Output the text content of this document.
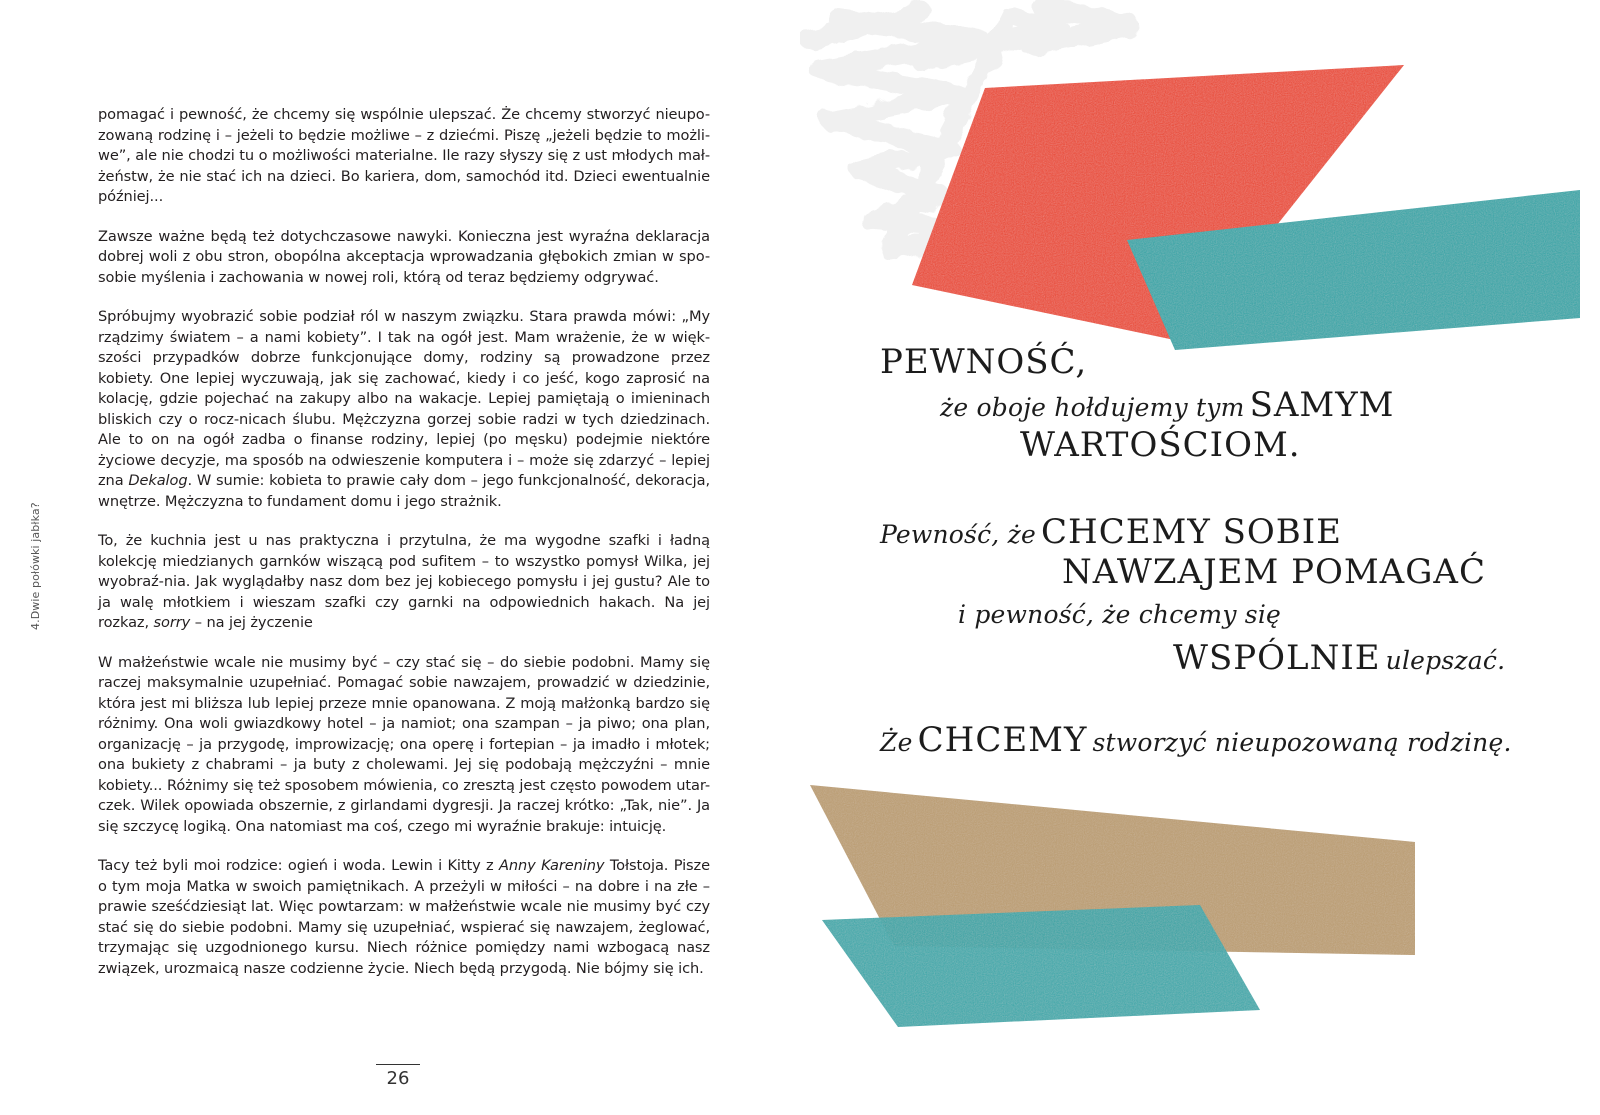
pomagać i pewność, że chcemy się wspólnie ulepszać. Że chcemy stworzyć nieupo-zowaną rodzinę i – jeżeli to będzie możliwe – z dziećmi. Piszę „jeżeli będzie to możli-we”, ale nie chodzi tu o możliwości materialne. Ile razy słyszy się z ust młodych mał-żeństw, że nie stać ich na dzieci. Bo kariera, dom, samochód itd. Dzieci ewentualnie później...

Zawsze ważne będą też dotychczasowe nawyki. Konieczna jest wyraźna deklaracja dobrej woli z obu stron, obopólna akceptacja wprowadzania głębokich zmian w spo-sobie myślenia i zachowania w nowej roli, którą od teraz będziemy odgrywać.

Spróbujmy wyobrazić sobie podział ról w naszym związku. Stara prawda mówi: „My rządzimy światem – a nami kobiety”. I tak na ogół jest. Mam wrażenie, że w więk-szości przypadków dobrze funkcjonujące domy, rodziny są prowadzone przez kobiety. One lepiej wyczuwają, jak się zachować, kiedy i co jeść, kogo zaprosić na kolację, gdzie pojechać na zakupy albo na wakacje. Lepiej pamiętają o imieninach bliskich czy o rocz-nicach ślubu. Mężczyzna gorzej sobie radzi w tych dziedzinach. Ale to on na ogół zadba o finanse rodziny, lepiej (po męsku) podejmie niektóre życiowe decyzje, ma sposób na odwieszenie komputera i – może się zdarzyć – lepiej zna Dekalog. W sumie: kobieta to prawie cały dom – jego funkcjonalność, dekoracja, wnętrze. Mężczyzna to fundament domu i jego strażnik.

To, że kuchnia jest u nas praktyczna i przytulna, że ma wygodne szafki i ładną kolekcję miedzianych garnków wiszącą pod sufitem – to wszystko pomysł Wilka, jej wyobraź-nia. Jak wyglądałby nasz dom bez jej kobiecego pomysłu i jej gustu? Ale to ja walę młotkiem i wieszam szafki czy garnki na odpowiednich hakach. Na jej rozkaz, sorry – na jej życzenie

W małżeństwie wcale nie musimy być – czy stać się – do siebie podobni. Mamy się raczej maksymalnie uzupełniać. Pomagać sobie nawzajem, prowadzić w dziedzinie, która jest mi bliższa lub lepiej przeze mnie opanowana. Z moją małżonką bardzo się różnimy. Ona woli gwiazdkowy hotel – ja namiot; ona szampan – ja piwo; ona plan, organizację – ja przygodę, improwizację; ona operę i fortepian – ja imadło i młotek; ona bukiety z chabrami – ja buty z cholewami. Jej się podobają mężczyźni – mnie kobiety... Różnimy się też sposobem mówienia, co zresztą jest często powodem utar-czek. Wilek opowiada obszernie, z girlandami dygresji. Ja raczej krótko: „Tak, nie”. Ja się szczycę logiką. Ona natomiast ma coś, czego mi wyraźnie brakuje: intuicję.

Tacy też byli moi rodzice: ogień i woda. Lewin i Kitty z Anny Kareniny Tołstoja. Pisze o tym moja Matka w swoich pamiętnikach. A przeżyli w miłości – na dobre i na złe – prawie sześćdziesiąt lat. Więc powtarzam: w małżeństwie wcale nie musimy być czy stać się do siebie podobni. Mamy się uzupełniać, wspierać się nawzajem, żeglować, trzymając się uzgodnionego kursu. Niech różnice pomiędzy nami wzbogacą nasz związek, urozmaicą nasze codzienne życie. Niech będą przygodą. Nie bójmy się ich.

4.Dwie połówki jabłka?
26
PEWNOŚĆ,
że oboje hołdujemy tym SAMYM
WARTOŚCIOM.
Pewność, że CHCEMY SOBIE
NAWZAJEM POMAGAĆ
i pewność, że chcemy się
WSPÓLNIE ulepszać.
Że CHCEMY stworzyć nieupozowaną rodzinę.
